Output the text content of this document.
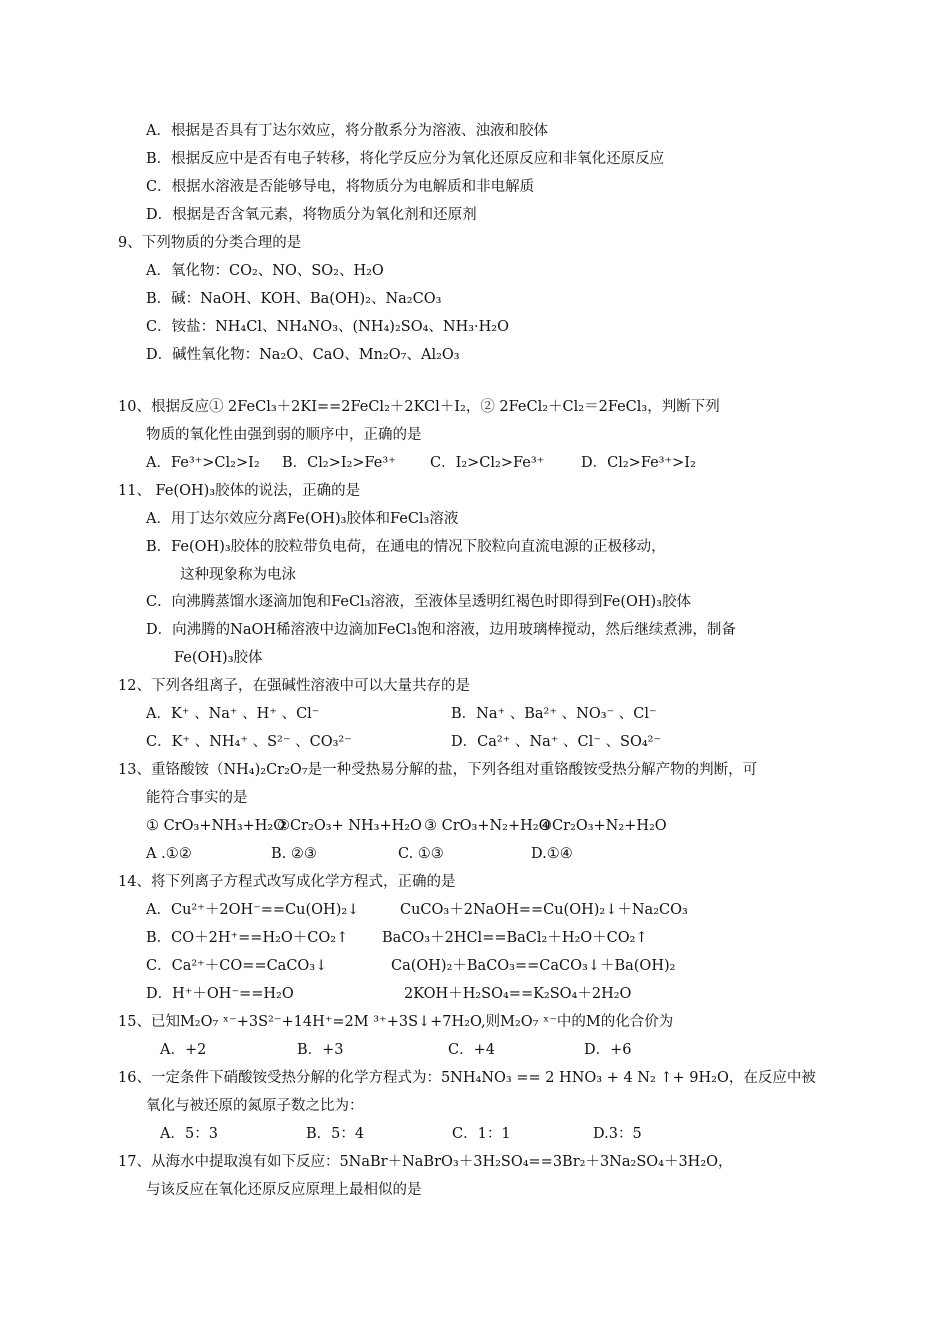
A．根据是否具有丁达尔效应，将分散系分为溶液、浊液和胶体
B．根据反应中是否有电子转移，将化学反应分为氧化还原反应和非氧化还原反应
C．根据水溶液是否能够导电，将物质分为电解质和非电解质
D．根据是否含氧元素，将物质分为氧化剂和还原剂
9、下列物质的分类合理的是
A．氧化物：CO₂、NO、SO₂、H₂O
B．碱：NaOH、KOH、Ba(OH)₂、Na₂CO₃
C．铵盐：NH₄Cl、NH₄NO₃、(NH₄)₂SO₄、NH₃·H₂O
D．碱性氧化物：Na₂O、CaO、Mn₂O₇、Al₂O₃
10、根据反应① 2FeCl₃＋2KI==2FeCl₂＋2KCl＋I₂，② 2FeCl₂＋Cl₂＝2FeCl₃，判断下列
物质的氧化性由强到弱的顺序中，正确的是
A．Fe³⁺>Cl₂>I₂ B．Cl₂>I₂>Fe³⁺ C．I₂>Cl₂>Fe³⁺	D．Cl₂>Fe³⁺>I₂
11、 Fe(OH)₃胶体的说法，正确的是
A．用丁达尔效应分离Fe(OH)₃胶体和FeCl₃溶液
B．Fe(OH)₃胶体的胶粒带负电荷，在通电的情况下胶粒向直流电源的正极移动，
这种现象称为电泳
C．向沸腾蒸馏水逐滴加饱和FeCl₃溶液，至液体呈透明红褐色时即得到Fe(OH)₃胶体
D．向沸腾的NaOH稀溶液中边滴加FeCl₃饱和溶液，边用玻璃棒搅动，然后继续煮沸，制备
Fe(OH)₃胶体
12、下列各组离子，在强碱性溶液中可以大量共存的是
A．K⁺ 、Na⁺ 、H⁺ 、Cl⁻	B．Na⁺ 、Ba²⁺ 、NO₃⁻ 、Cl⁻
C．K⁺ 、NH₄⁺ 、S²⁻ 、CO₃²⁻	D．Ca²⁺ 、Na⁺ 、Cl⁻ 、SO₄²⁻
13、重铬酸铵（NH₄)₂Cr₂O₇是一种受热易分解的盐，下列各组对重铬酸铵受热分解产物的判断，可
能符合事实的是
① CrO₃+NH₃+H₂O
②Cr₂O₃+ NH₃+H₂O ③ CrO₃+N₂+H₂O
④Cr₂O₃+N₂+H₂O
A .①②	B. ②③	C. ①③	D.①④
14、将下列离子方程式改写成化学方程式，正确的是
A．Cu²⁺＋2OH⁻==Cu(OH)₂↓	CuCO₃＋2NaOH==Cu(OH)₂↓＋Na₂CO₃
B．CO＋2H⁺==H₂O＋CO₂↑ BaCO₃＋2HCl==BaCl₂＋H₂O＋CO₂↑
C．Ca²⁺＋CO==CaCO₃↓	Ca(OH)₂＋BaCO₃==CaCO₃↓＋Ba(OH)₂
D．H⁺＋OH⁻==H₂O	2KOH＋H₂SO₄==K₂SO₄＋2H₂O
15、已知M₂O₇ ˣ⁻+3S²⁻+14H⁺=2M ³⁺+3S↓+7H₂O,则M₂O₇ ˣ⁻中的M的化合价为
A．+2	B．+3	C．+4	D．+6
16、一定条件下硝酸铵受热分解的化学方程式为：5NH₄NO₃ == 2 HNO₃ + 4 N₂ ↑+ 9H₂O，在反应中被
氧化与被还原的氮原子数之比为：
A．5：3	B．5：4	C．1：1	D.3：5
17、从海水中提取溴有如下反应：5NaBr＋NaBrO₃＋3H₂SO₄==3Br₂＋3Na₂SO₄＋3H₂O，
与该反应在氧化还原反应原理上最相似的是
